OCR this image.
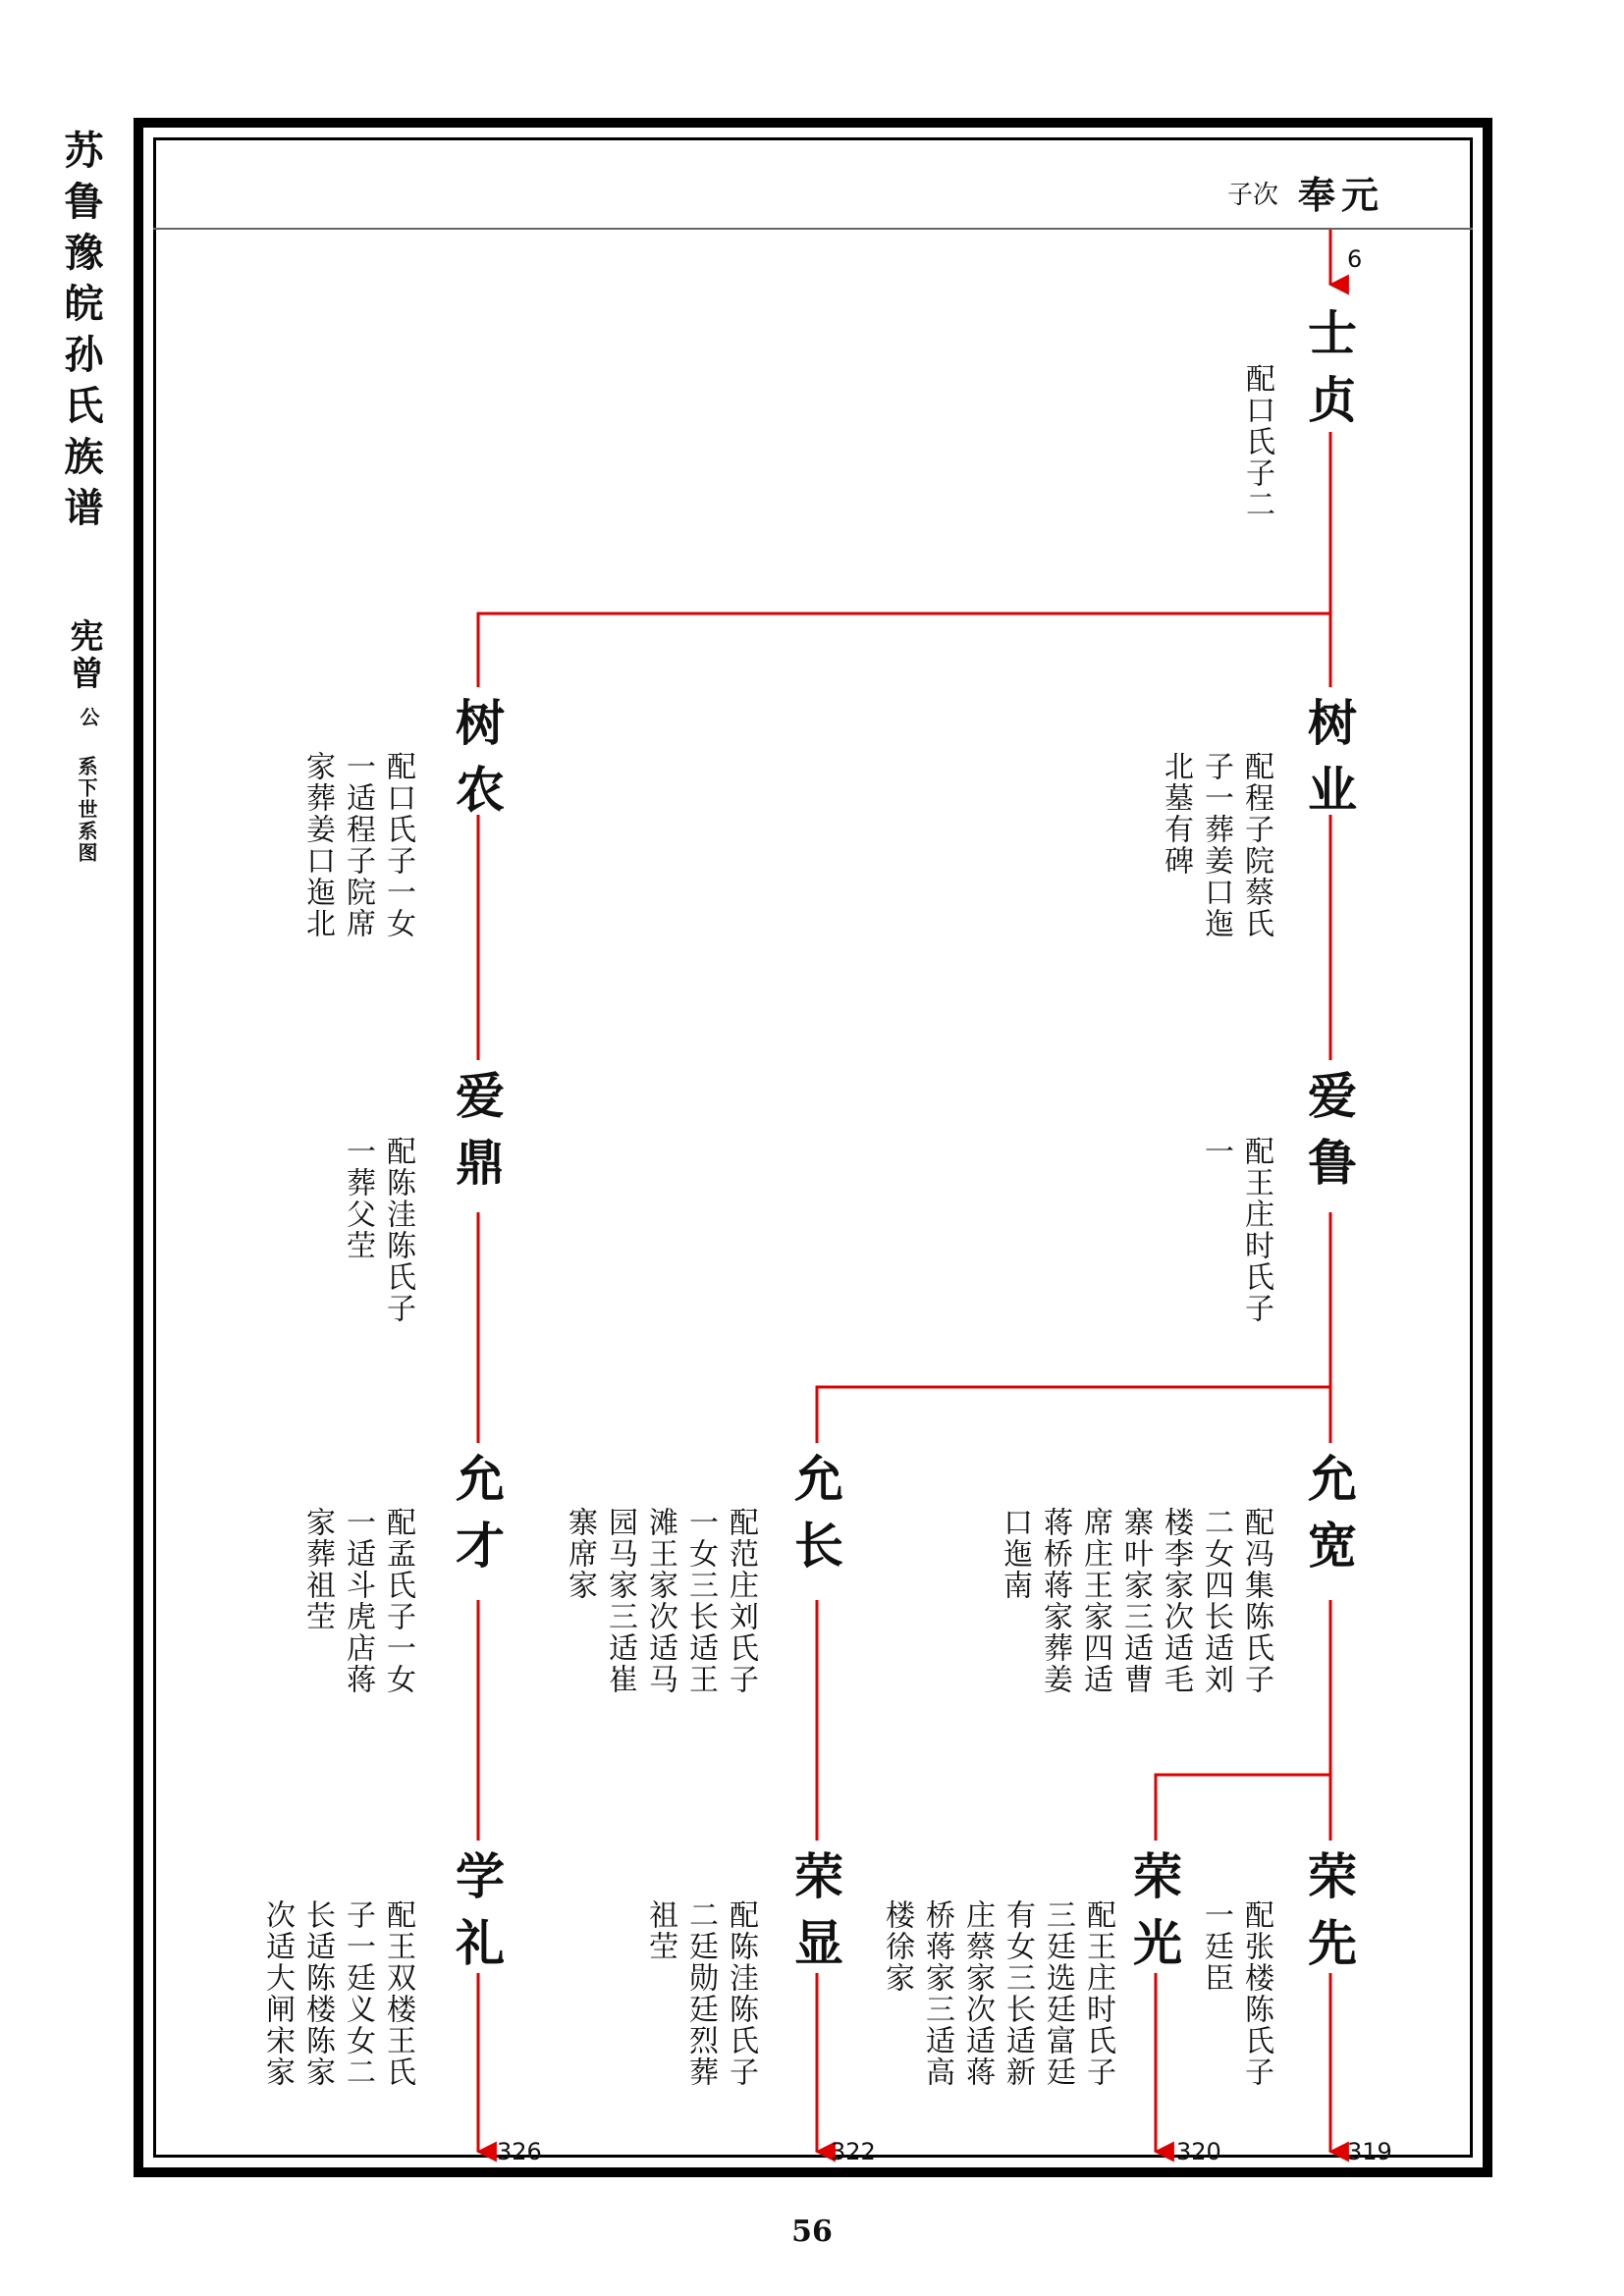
苏鲁豫皖孙氏族谱
宪曾
公
系下世系图
子次 奉元
6
士贞
配口氏子二
树业
配程子院蔡氏
子一葬姜口迤
北墓有碑
树农
配口氏子一女
一适程子院席
家葬姜口迤北
爱鲁
配王庄时氏子
一
爱鼎
配陈洼陈氏子
一葬父茔
允宽
配冯集陈氏子
二女四长适刘
楼李家次适毛
寨叶家三适曹
席庄王家四适
蒋桥蒋家葬姜
口迤南
允长
配范庄刘氏子
一女三长适王
滩王家次适马
园马家三适崔
寨席家
允才
配孟氏子一女
一适斗虎店蒋
家葬祖茔
荣先
配张楼陈氏子
一廷臣
荣光
配王庄时氏子
三廷选廷富廷
有女三长适新
庄蔡家次适蒋
桥蒋家三适高
楼徐家
荣显
配陈洼陈氏子
二廷勋廷烈葬
祖茔
学礼
配王双楼王氏
子一廷义女二
长适陈楼陈家
次适大闸宋家
319
320
322
326
56
